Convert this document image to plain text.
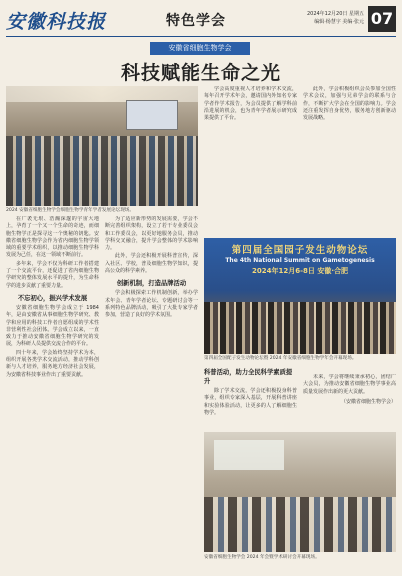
安徽科技报	特色学会	2024年12月20日 星期五
编辑·杨慧宇 美编·张元 07
安徽省细胞生物学会
科技赋能生命之光
2024 安徽省细胞生物学会细胞生物学青年学者发展论坛现场。

在广袤无垠、浩瀚深邃的宇宙大地上，孕育了一个又一个生命的奇迹，而细胞生物学正是探寻这一个奥秘的钥匙。安徽省细胞生物学会作为省内细胞生物学领域的重要学术组织，以推动细胞生物学科发展为己任，在这一领域不断前行。

多年来，学会不仅为科研工作者搭建了一个交流平台，还促进了省内细胞生物学研究的整体发展水平的提升，为生命科学的进步贡献了重要力量。

不忘初心，振兴学术发展

安徽省细胞生物学会成立于 1984 年，是由安徽省从事细胞生物学研究、教学和应用的科技工作者自愿组成的学术性非营利性社会团体。学会成立以来，一直致力于推动安徽省细胞生物学研究的发展，为科研人员提供交流合作的平台。

四十年来，学会始终坚持学术为本，组织开展各类学术交流活动，推动学科创新与人才培养，服务地方经济社会发展，为安徽省科技事业作出了重要贡献。

为了适应新形势的发展需要，学会不断完善组织架构，设立了若干专业委员会和工作委员会，以更好地服务会员，推动学科交叉融合，提升学会整体的学术影响力。

此外，学会还积极开展科普宣传，深入社区、学校，普及细胞生物学知识，提高公众的科学素养。

创新机制，打造品牌活动

学会积极探索工作机制创新，举办学术年会、青年学者论坛、专题研讨会等一系列特色品牌活动，吸引了大批专家学者参加，营造了良好的学术氛围。

学会高度重视人才培养和学术交流，每年召开学术年会，邀请国内外知名专家学者作学术报告，为会员提供了解学科前沿进展的机会，也为青年学者展示研究成果提供了平台。

此外，学会积极组织会员参加全国性学术会议，加强与兄弟学会的联系与合作，不断扩大学会在全国的影响力。学会还注重发挥自身优势，服务地方创新驱动发展战略。

第四届全国园子发生动物论坛
The 4th National Summit on Gametogenesis
2024年12月6-8日 安徽·合肥
第四届全国配子发生动物论坛暨 2024 年安徽省细胞生物学年会开幕现场。
科普活动，助力全民科学素质提升

除了学术交流，学会还积极投身科普事业，组织专家深入基层，开展科普讲座和实验体验活动，让更多的人了解细胞生物学。

未来，学会将继续秉承初心，团结广大会员，为推动安徽省细胞生物学事业高质量发展作出新的更大贡献。

（安徽省细胞生物学会）
安徽省细胞生物学会 2024 年会暨学术研讨会开幕现场。
